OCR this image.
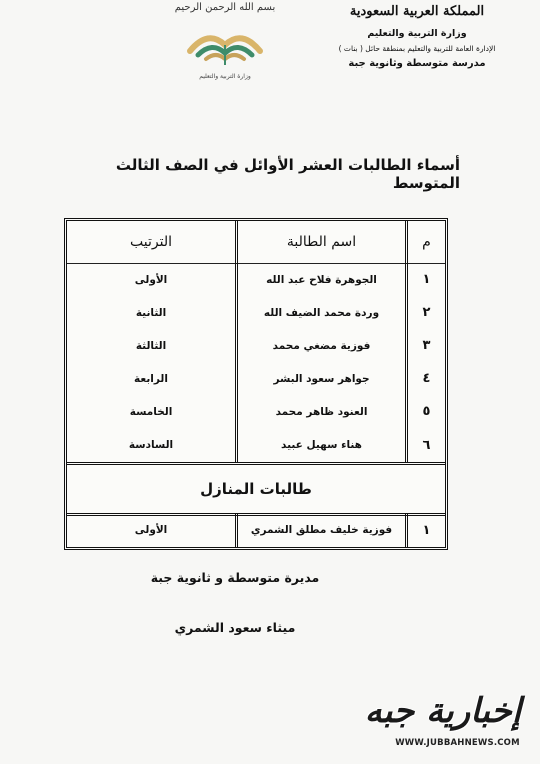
المملكة العربية السعودية
وزارة التربية والتعليم
الإدارة العامة للتربية والتعليم بمنطقة حائل ( بنات )
مدرسة متوسطة وثانوية جبة
بسم الله الرحمن الرحيم
وزارة التربية والتعليم
أسماء الطالبات العشر الأوائل في الصف الثالث المتوسط
م
اسم الطالبة
الترتيب
١
الجوهرة فلاح عبد الله
الأولى
٢
وردة محمد الضيف الله
الثانية
٣
فوزية مضغي محمد
الثالثة
٤
جواهر سعود البشر
الرابعة
٥
العنود ظاهر محمد
الخامسة
٦
هناء سهيل عبيد
السادسة
طالبات المنازل
١
فوزية خليف مطلق الشمري
الأولى
مديرة متوسطة و ثانوية جبة
ميثاء سعود الشمري
إخبارية جبه
WWW.JUBBAHNEWS.COM
